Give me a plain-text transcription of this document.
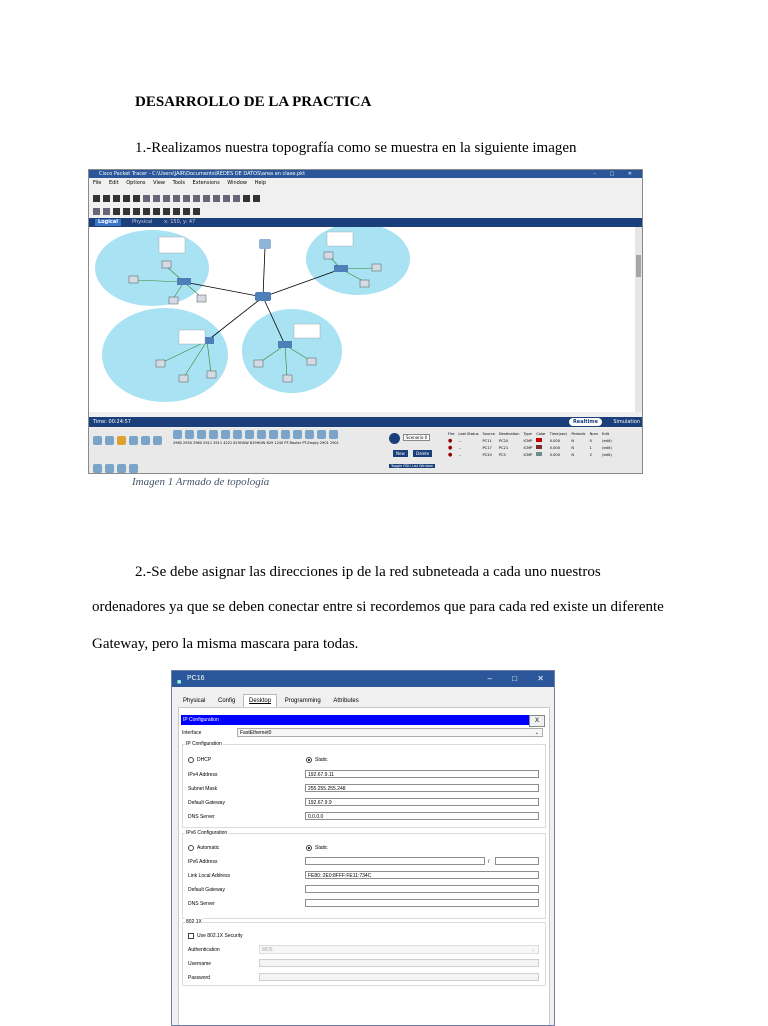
DESARROLLO DE LA PRACTICA
1.-Realizamos nuestra topografía como se muestra en la siguiente imagen
Cisco Packet Tracer - C:\Users\JAIR\Documents\REDES DE DATOS\area en clase.pkt	– □ ✕
File Edit Options View Tools Extensions Window Help
Logical	Physical	x: 150, y: 47
Time: 00:24:57	Realtime	Simulation
2960 2950 2960 2911 2911 4221 819HGW 819HGW 829 1240 PT-Router PT-Empty 2901 2901
Scenario 0
New	Delete
Toggle PDU List Window
Fire	Last Status	Source	Destination	Type	Color	Time(sec)	Periodic	Num	Edit
●	--	PC11	PC20	ICMP		0.000	N	0	(edit)
●	--	PC17	PC21	ICMP		0.000	N	1	(edit)
●	--	PC20	PC5	ICMP		0.000	N	2	(edit)
Imagen 1 Armado de topología
2.-Se debe asignar las direcciones ip de la red subneteada a cada uno nuestros
ordenadores ya que se deben conectar entre si recordemos que para cada red existe un diferente
Gateway, pero la misma mascara para todas.
■
PC16	–	□	✕
Physical Config Desktop Programming Attributes
IP Configuration	X
Interface	FastEthernet0	⌄
IP Configuration
DHCP	Static
IPv4 Address	192.67.9.11
Subnet Mask	255.255.255.248
Default Gateway	192.67.9.9
DNS Server	0.0.0.0
IPv6 Configuration
Automatic	Static
IPv6 Address	/
Link Local Address	FE80::2E0:8FFF:FE11:734C
Default Gateway
DNS Server
802.1X
Use 802.1X Security
Authentication	MD5	⌄
Username
Password
